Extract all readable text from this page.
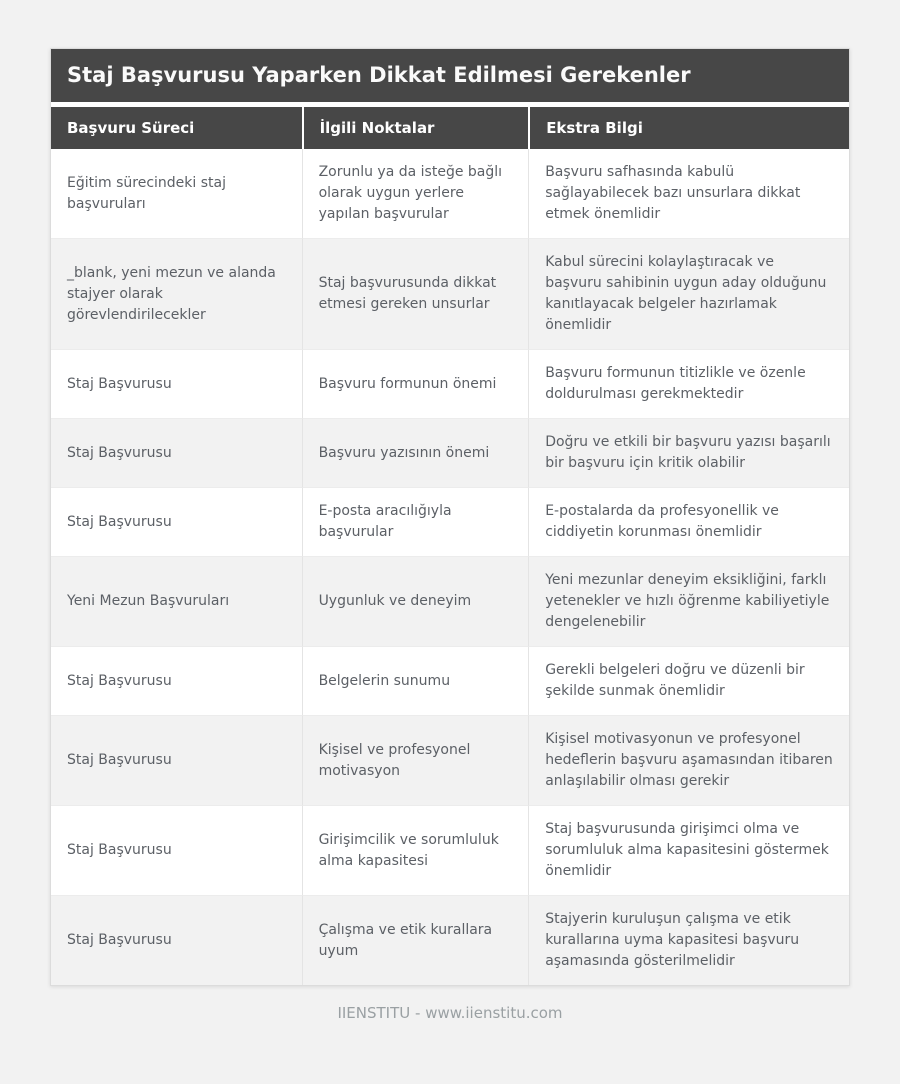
Staj Başvurusu Yaparken Dikkat Edilmesi Gerekenler
Başvuru Süreci	İlgili Noktalar	Ekstra Bilgi
Eğitim sürecindeki staj başvuruları	Zorunlu ya da isteğe bağlı olarak uygun yerlere yapılan başvurular	Başvuru safhasında kabulü sağlayabilecek bazı unsurlara dikkat etmek önemlidir
_blank, yeni mezun ve alanda stajyer olarak görevlendirilecekler	Staj başvurusunda dikkat etmesi gereken unsurlar	Kabul sürecini kolaylaştıracak ve başvuru sahibinin uygun aday olduğunu kanıtlayacak belgeler hazırlamak önemlidir
Staj Başvurusu	Başvuru formunun önemi	Başvuru formunun titizlikle ve özenle doldurulması gerekmektedir
Staj Başvurusu	Başvuru yazısının önemi	Doğru ve etkili bir başvuru yazısı başarılı bir başvuru için kritik olabilir
Staj Başvurusu	E-posta aracılığıyla başvurular	E-postalarda da profesyonellik ve ciddiyetin korunması önemlidir
Yeni Mezun Başvuruları	Uygunluk ve deneyim	Yeni mezunlar deneyim eksikliğini, farklı yetenekler ve hızlı öğrenme kabiliyetiyle dengelenebilir
Staj Başvurusu	Belgelerin sunumu	Gerekli belgeleri doğru ve düzenli bir şekilde sunmak önemlidir
Staj Başvurusu	Kişisel ve profesyonel motivasyon	Kişisel motivasyonun ve profesyonel hedeflerin başvuru aşamasından itibaren anlaşılabilir olması gerekir
Staj Başvurusu	Girişimcilik ve sorumluluk alma kapasitesi	Staj başvurusunda girişimci olma ve sorumluluk alma kapasitesini göstermek önemlidir
Staj Başvurusu	Çalışma ve etik kurallara uyum	Stajyerin kuruluşun çalışma ve etik kurallarına uyma kapasitesi başvuru aşamasında gösterilmelidir
IIENSTITU - www.iienstitu.com
